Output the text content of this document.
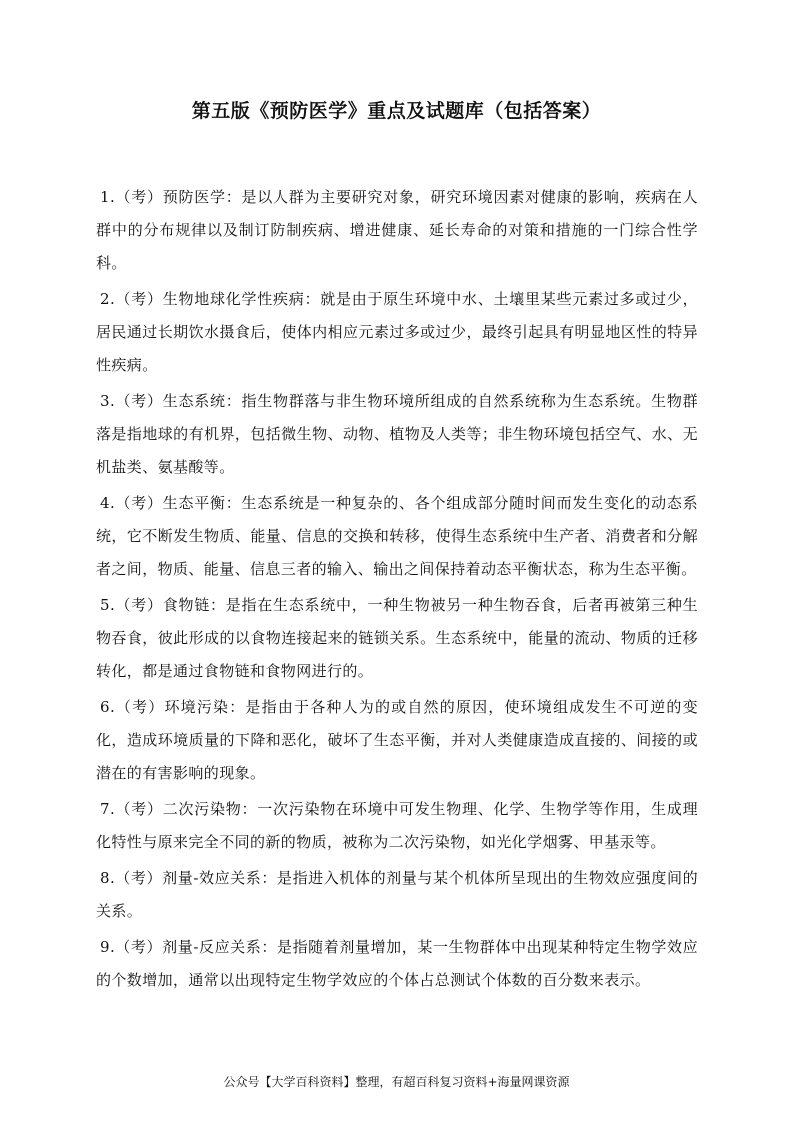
第五版《预防医学》重点及试题库（包括答案）

1.（考）预防医学：是以人群为主要研究对象，研究环境因素对健康的影响，疾病在人群中的分布规律以及制订防制疾病、增进健康、延长寿命的对策和措施的一门综合性学科。

2.（考）生物地球化学性疾病：就是由于原生环境中水、土壤里某些元素过多或过少，居民通过长期饮水摄食后，使体内相应元素过多或过少，最终引起具有明显地区性的特异性疾病。

3.（考）生态系统：指生物群落与非生物环境所组成的自然系统称为生态系统。生物群落是指地球的有机界，包括微生物、动物、植物及人类等；非生物环境包括空气、水、无机盐类、氨基酸等。

4.（考）生态平衡：生态系统是一种复杂的、各个组成部分随时间而发生变化的动态系统，它不断发生物质、能量、信息的交换和转移，使得生态系统中生产者、消费者和分解者之间，物质、能量、信息三者的输入、输出之间保持着动态平衡状态，称为生态平衡。

5.（考）食物链：是指在生态系统中，一种生物被另一种生物吞食，后者再被第三种生物吞食，彼此形成的以食物连接起来的链锁关系。生态系统中，能量的流动、物质的迁移转化，都是通过食物链和食物网进行的。

6.（考）环境污染：是指由于各种人为的或自然的原因，使环境组成发生不可逆的变化，造成环境质量的下降和恶化，破坏了生态平衡，并对人类健康造成直接的、间接的或潜在的有害影响的现象。

7.（考）二次污染物：一次污染物在环境中可发生物理、化学、生物学等作用，生成理化特性与原来完全不同的新的物质，被称为二次污染物，如光化学烟雾、甲基汞等。

8.（考）剂量-效应关系：是指进入机体的剂量与某个机体所呈现出的生物效应强度间的关系。

9.（考）剂量-反应关系：是指随着剂量增加，某一生物群体中出现某种特定生物学效应的个数增加，通常以出现特定生物学效应的个体占总测试个体数的百分数来表示。

公众号【大学百科资料】整理，有超百科复习资料+海量网课资源
